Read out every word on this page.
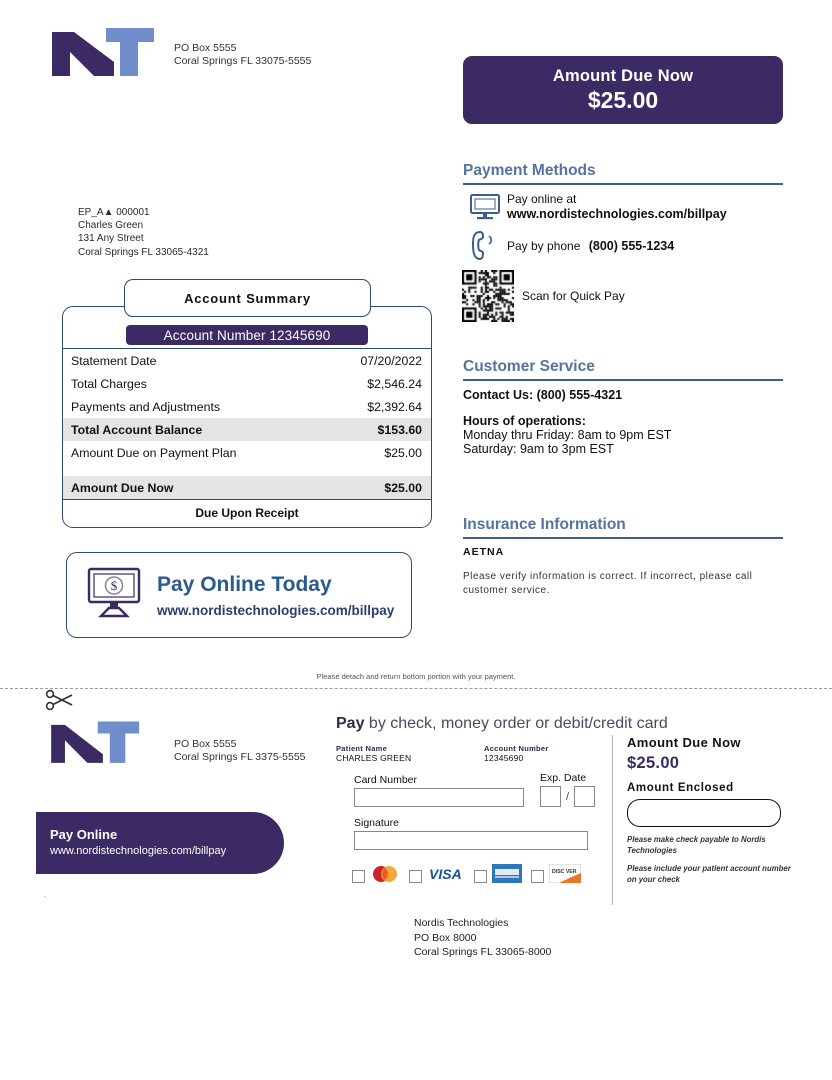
PO Box 5555
Coral Springs FL 33075-5555
Amount Due Now
$25.00
EP_A▲ 000001
Charles Green
131 Any Street
Coral Springs FL 33065-4321
Account Summary
Account Number 12345690
Statement Date	07/20/2022
Total Charges	$2,546.24
Payments and Adjustments	$2,392.64
Total Account Balance	$153.60
Amount Due on Payment Plan	$25.00
Amount Due Now	$25.00
Due Upon Receipt
$ Pay Online Today
www.nordistechnologies.com/billpay
Payment Methods
Pay online at
www.nordistechnologies.com/billpay
Pay by phone (800) 555-1234
Scan for Quick Pay
Customer Service
Contact Us: (800) 555-4321
Hours of operations:
Monday thru Friday: 8am to 9pm EST
Saturday: 9am to 3pm EST
Insurance Information
AETNA
Please verify information is correct. If incorrect, please call customer service.
Please detach and return bottom portion with your payment.
PO Box 5555
Coral Springs FL 3375-5555
Pay Online
www.nordistechnologies.com/billpay
.
Pay by check, money order or debit/credit card
Patient Name
CHARLES GREEN
Account Number
12345690
Card Number	Exp. Date
/
Signature
VISA	DISC VER
Amount Due Now
$25.00
Amount Enclosed
Please make check payable to Nordis Technologies
Please include your patient account number on your check
Nordis Technologies
PO Box 8000
Coral Springs FL 33065-8000
